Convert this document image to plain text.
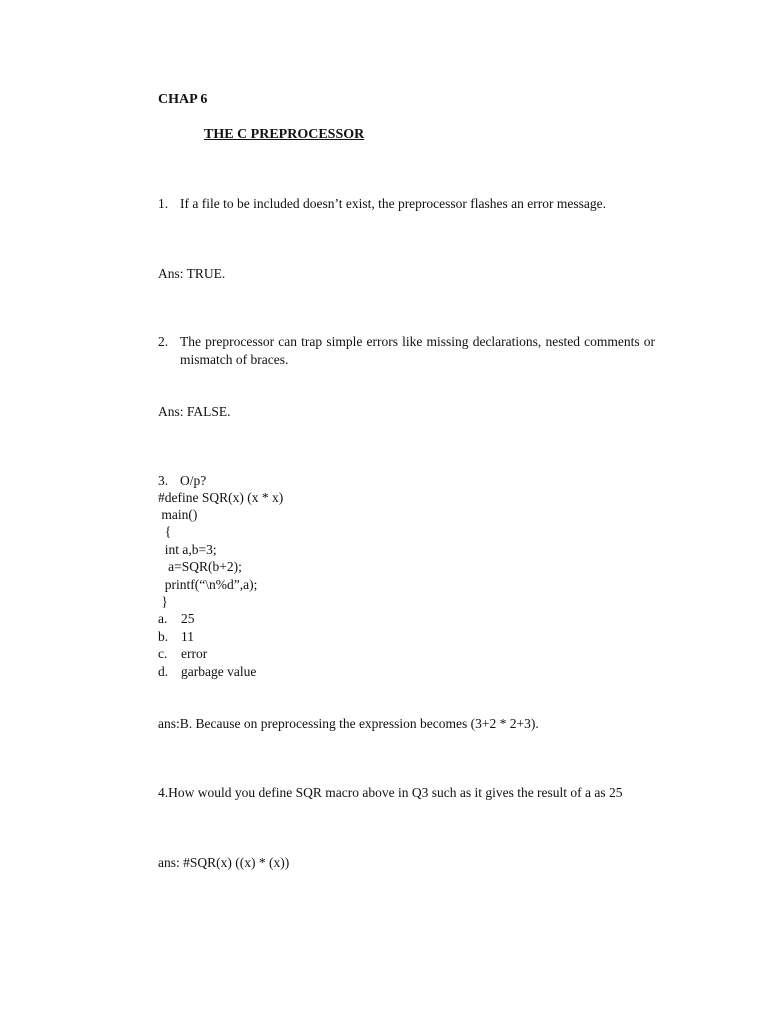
CHAP 6
THE C PREPROCESSOR
1. If a file to be included doesn’t exist, the preprocessor flashes an error message.
Ans: TRUE.
2. The preprocessor can trap simple errors like missing declarations, nested comments or mismatch of braces.
Ans: FALSE.
3. O/p?
#define SQR(x) (x * x)
main()
{
int a,b=3;
a=SQR(b+2);
printf(“\n%d”,a);
}
a. 25
b. 11
c. error
d. garbage value
ans:B. Because on preprocessing the expression becomes (3+2 * 2+3).
4.How would you define SQR macro above in Q3 such as it gives the result of a as 25
ans: #SQR(x) ((x) * (x))
